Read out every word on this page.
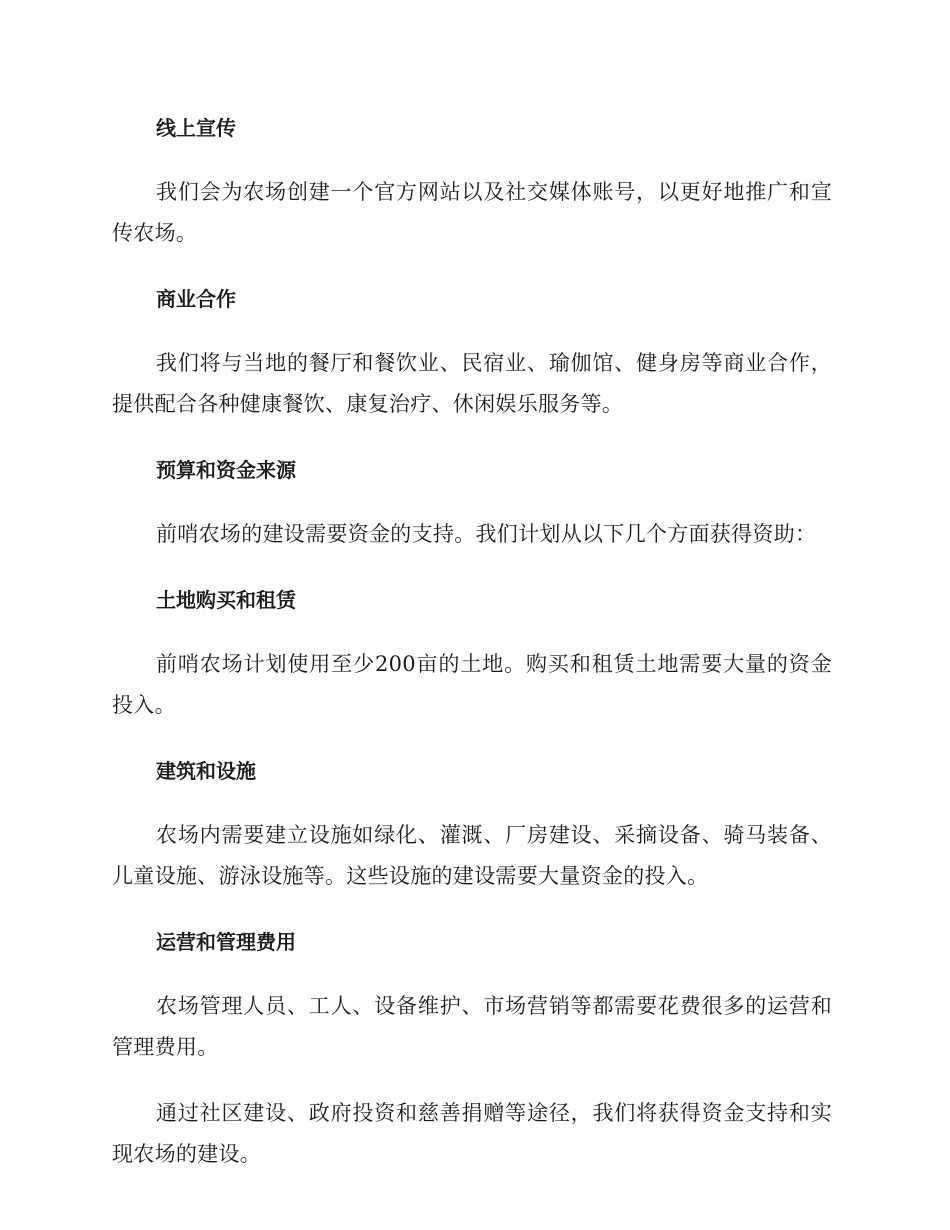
线上宣传

我们会为农场创建一个官方网站以及社交媒体账号，以更好地推广和宣传农场。

商业合作

我们将与当地的餐厅和餐饮业、民宿业、瑜伽馆、健身房等商业合作，提供配合各种健康餐饮、康复治疗、休闲娱乐服务等。

预算和资金来源

前哨农场的建设需要资金的支持。我们计划从以下几个方面获得资助：

土地购买和租赁

前哨农场计划使用至少200亩的土地。购买和租赁土地需要大量的资金投入。

建筑和设施

农场内需要建立设施如绿化、灌溉、厂房建设、采摘设备、骑马装备、儿童设施、游泳设施等。这些设施的建设需要大量资金的投入。

运营和管理费用

农场管理人员、工人、设备维护、市场营销等都需要花费很多的运营和管理费用。

通过社区建设、政府投资和慈善捐赠等途径，我们将获得资金支持和实现农场的建设。
